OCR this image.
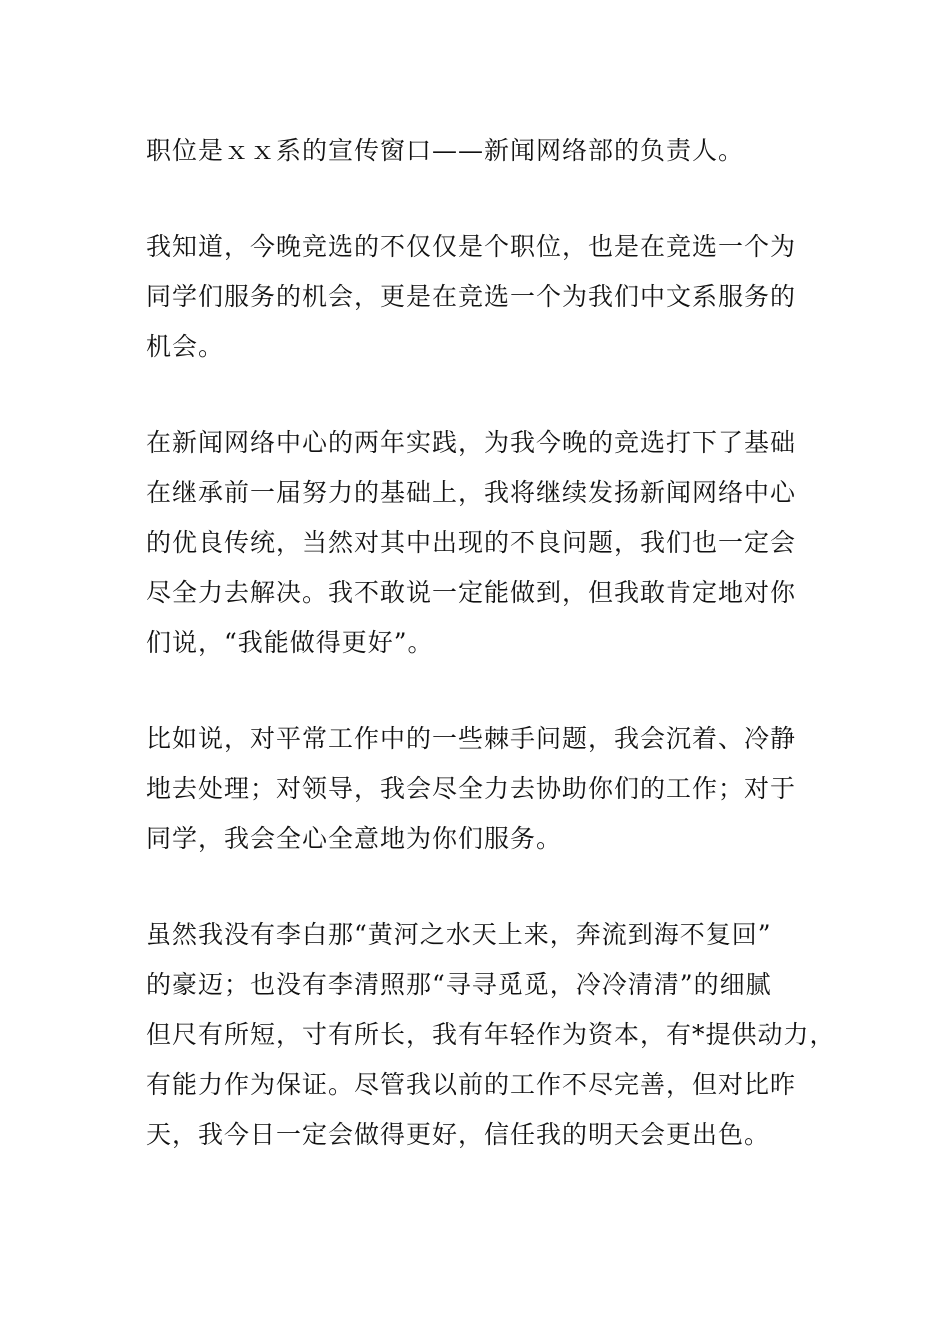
职位是ｘｘ系的宣传窗口——新闻网络部的负责人。

我知道，今晚竞选的不仅仅是个职位，也是在竞选一个为
同学们服务的机会，更是在竞选一个为我们中文系服务的
机会。

在新闻网络中心的两年实践，为我今晚的竞选打下了基础
在继承前一届努力的基础上，我将继续发扬新闻网络中心
的优良传统，当然对其中出现的不良问题，我们也一定会
尽全力去解决。我不敢说一定能做到，但我敢肯定地对你
们说，“我能做得更好”。

比如说，对平常工作中的一些棘手问题，我会沉着、冷静
地去处理；对领导，我会尽全力去协助你们的工作；对于
同学，我会全心全意地为你们服务。

虽然我没有李白那“黄河之水天上来，奔流到海不复回”
的豪迈；也没有李清照那“寻寻觅觅，冷冷清清”的细腻
但尺有所短，寸有所长，我有年轻作为资本，有*提供动力，
有能力作为保证。尽管我以前的工作不尽完善，但对比昨
天，我今日一定会做得更好，信任我的明天会更出色。
